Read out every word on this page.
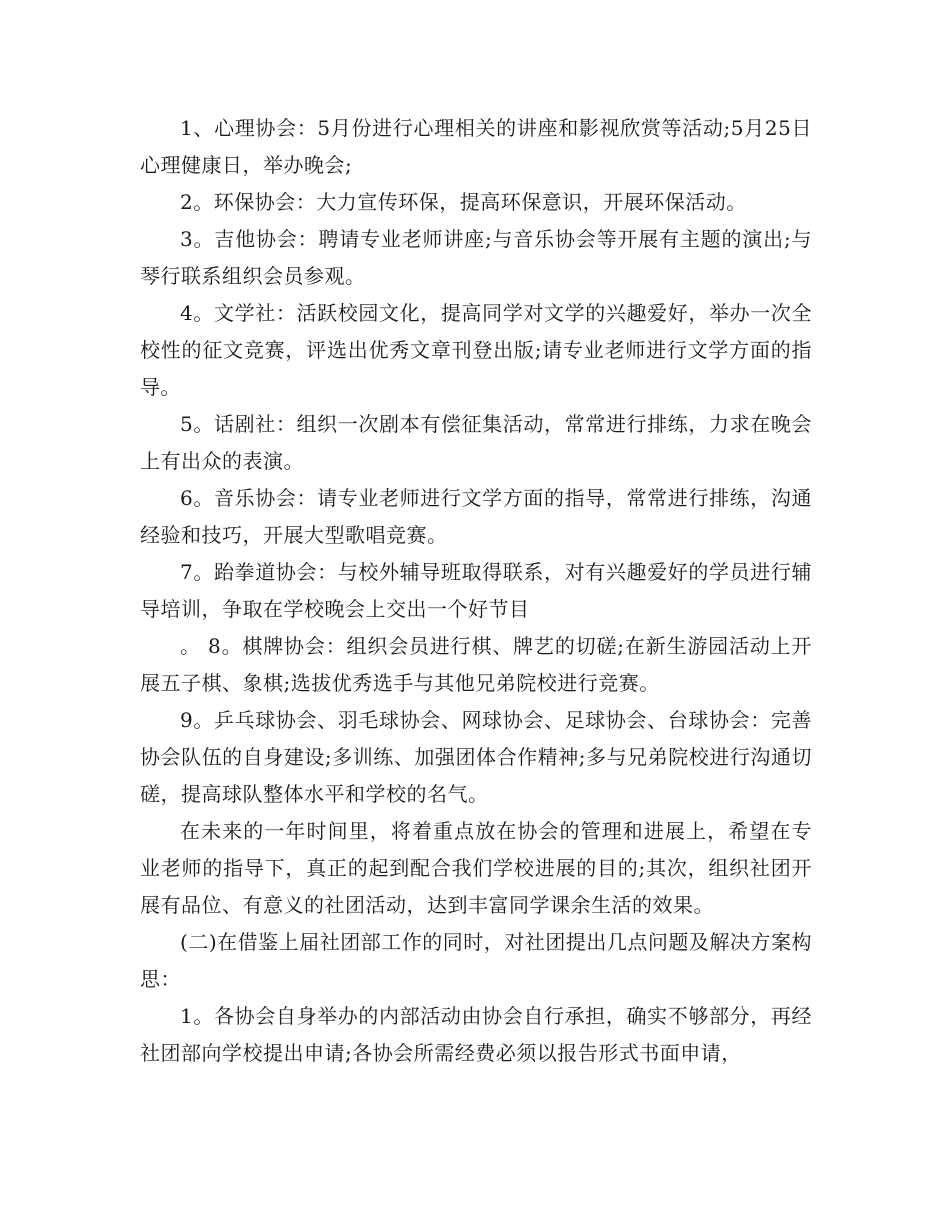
1、心理协会：5月份进行心理相关的讲座和影视欣赏等活动;5月25日心理健康日，举办晚会;

2。环保协会：大力宣传环保，提高环保意识，开展环保活动。

3。吉他协会：聘请专业老师讲座;与音乐协会等开展有主题的演出;与琴行联系组织会员参观。

4。文学社：活跃校园文化，提高同学对文学的兴趣爱好，举办一次全校性的征文竞赛，评选出优秀文章刊登出版;请专业老师进行文学方面的指导。

5。话剧社：组织一次剧本有偿征集活动，常常进行排练，力求在晚会上有出众的表演。

6。音乐协会：请专业老师进行文学方面的指导，常常进行排练，沟通经验和技巧，开展大型歌唱竞赛。

7。跆拳道协会：与校外辅导班取得联系，对有兴趣爱好的学员进行辅导培训，争取在学校晚会上交出一个好节目

。 8。棋牌协会：组织会员进行棋、牌艺的切磋;在新生游园活动上开展五子棋、象棋;选拔优秀选手与其他兄弟院校进行竞赛。

9。乒乓球协会、羽毛球协会、网球协会、足球协会、台球协会：完善协会队伍的自身建设;多训练、加强团体合作精神;多与兄弟院校进行沟通切磋，提高球队整体水平和学校的名气。

在未来的一年时间里，将着重点放在协会的管理和进展上，希望在专业老师的指导下，真正的起到配合我们学校进展的目的;其次，组织社团开展有品位、有意义的社团活动，达到丰富同学课余生活的效果。

(二)在借鉴上届社团部工作的同时，对社团提出几点问题及解决方案构思：

1。各协会自身举办的内部活动由协会自行承担，确实不够部分，再经社团部向学校提出申请;各协会所需经费必须以报告形式书面申请，
